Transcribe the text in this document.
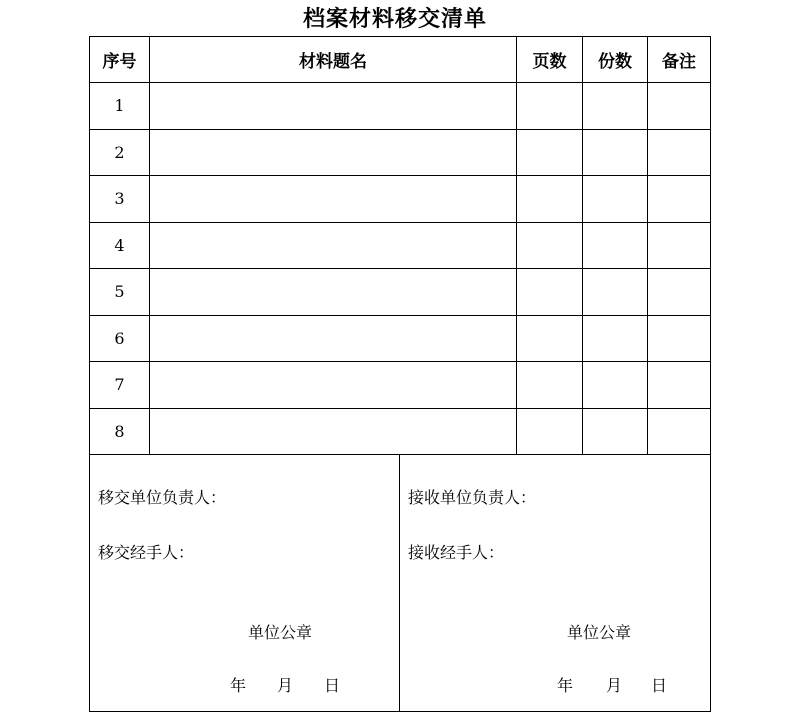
档案材料移交清单
序号	材料题名	页数	份数	备注
1				
2				
3				
4				
5				
6				
7				
8				
移交单位负责人：
移交经手人：
单位公章
年 月 日
接收单位负责人：
接收经手人：
单位公章
年 月 日
